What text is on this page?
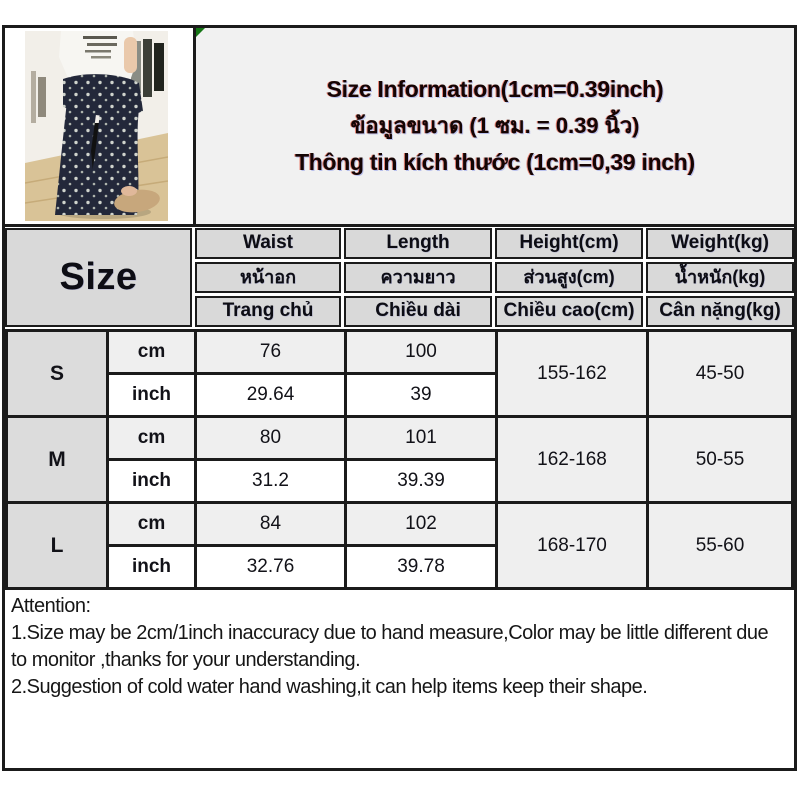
Size Information(1cm=0.39inch)
ข้อมูลขนาด (1 ซม. = 0.39 นิ้ว)
Thông tin kích thước (1cm=0,39 inch)
Size
Waist	Length	Height(cm)	Weight(kg)
หน้าอก	ความยาว	ส่วนสูง(cm)	น้ำหนัก(kg)
Trang chủ	Chiều dài	Chiều cao(cm)	Cân nặng(kg)
S	cm	76	100	155-162	45-50
	inch	29.64	39		
M	cm	80	101	162-168	50-55
	inch	31.2	39.39		
L	cm	84	102	168-170	55-60
	inch	32.76	39.78		
Attention:
1.Size may be 2cm/1inch inaccuracy due to hand measure,Color may be little different due to monitor ,thanks for your understanding.
2.Suggestion of cold water hand washing,it can help items keep their shape.
